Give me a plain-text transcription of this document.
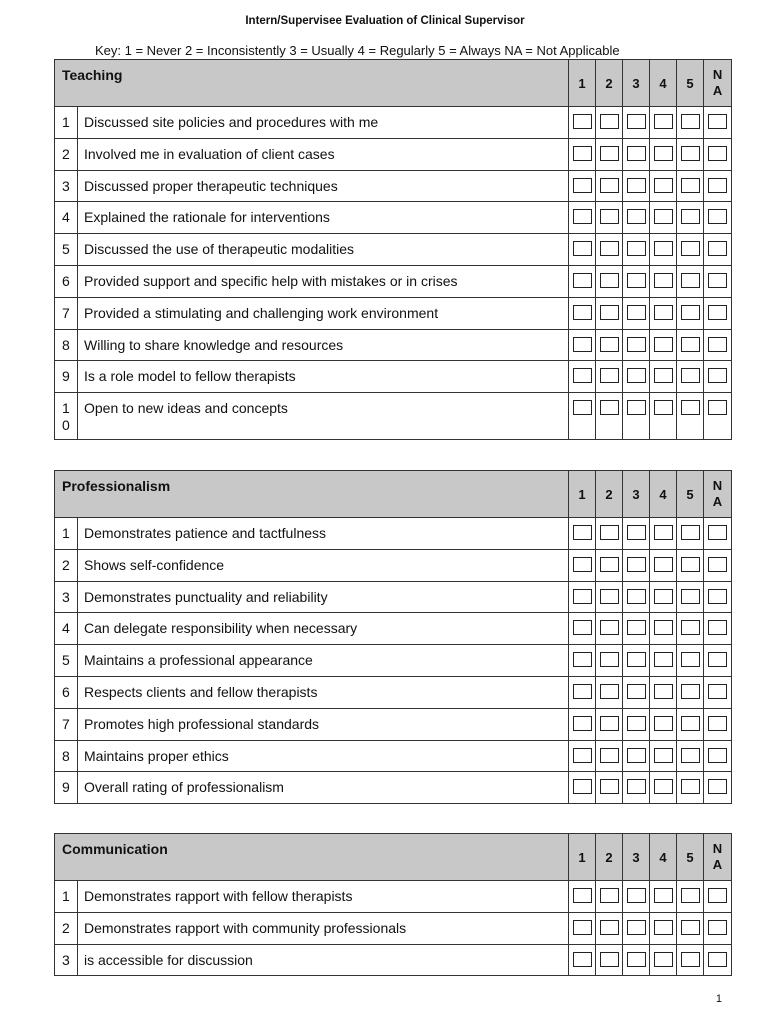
Intern/Supervisee Evaluation of Clinical Supervisor
Key: 1 = Never 2 = Inconsistently 3 = Usually 4 = Regularly 5 = Always NA = Not Applicable
Teaching		1	2	3	4	5	N
A

1	Discussed site policies and procedures with me						
2	Involved me in evaluation of client cases						
3	Discussed proper therapeutic techniques						
4	Explained the rationale for interventions						
5	Discussed the use of therapeutic modalities						
6	Provided support and specific help with mistakes or in crises						
7	Provided a stimulating and challenging work environment						
8	Willing to share knowledge and resources						
9	Is a role model to fellow therapists						
10	Open to new ideas and concepts						
Professionalism		1	2	3	4	5	N
A

1	Demonstrates patience and tactfulness						
2	Shows self-confidence						
3	Demonstrates punctuality and reliability						
4	Can delegate responsibility when necessary						
5	Maintains a professional appearance						
6	Respects clients and fellow therapists						
7	Promotes high professional standards						
8	Maintains proper ethics						
9	Overall rating of professionalism						
Communication		1	2	3	4	5	N
A

1	Demonstrates rapport with fellow therapists						
2	Demonstrates rapport with community professionals						
3	is accessible for discussion						
1
